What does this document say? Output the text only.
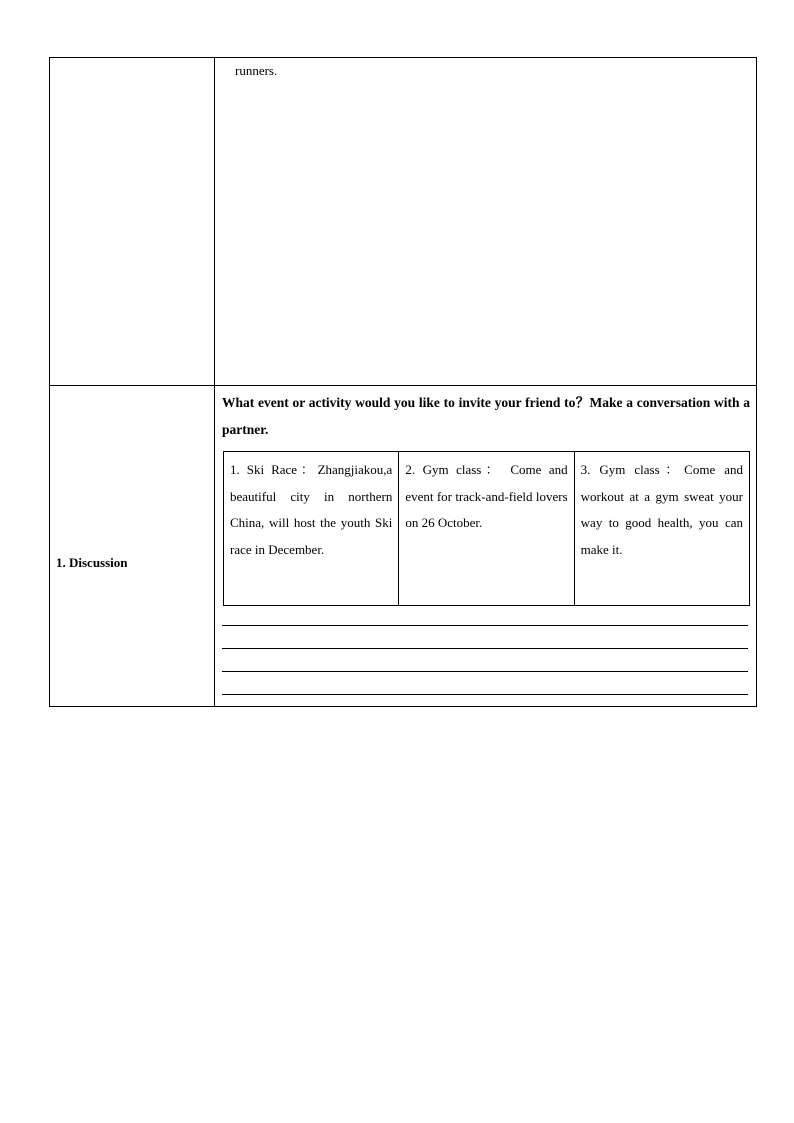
runners.
1. Discussion

What event or activity would you like to invite your friend to？Make a conversation with a partner.

1. Ski Race：Zhangjiakou,a beautiful city in northern China, will host the youth Ski race in December.	2. Gym class： Come and event for track-and-field lovers on 26 October.	3. Gym class：Come and workout at a gym sweat your way to good health, you can make it.
